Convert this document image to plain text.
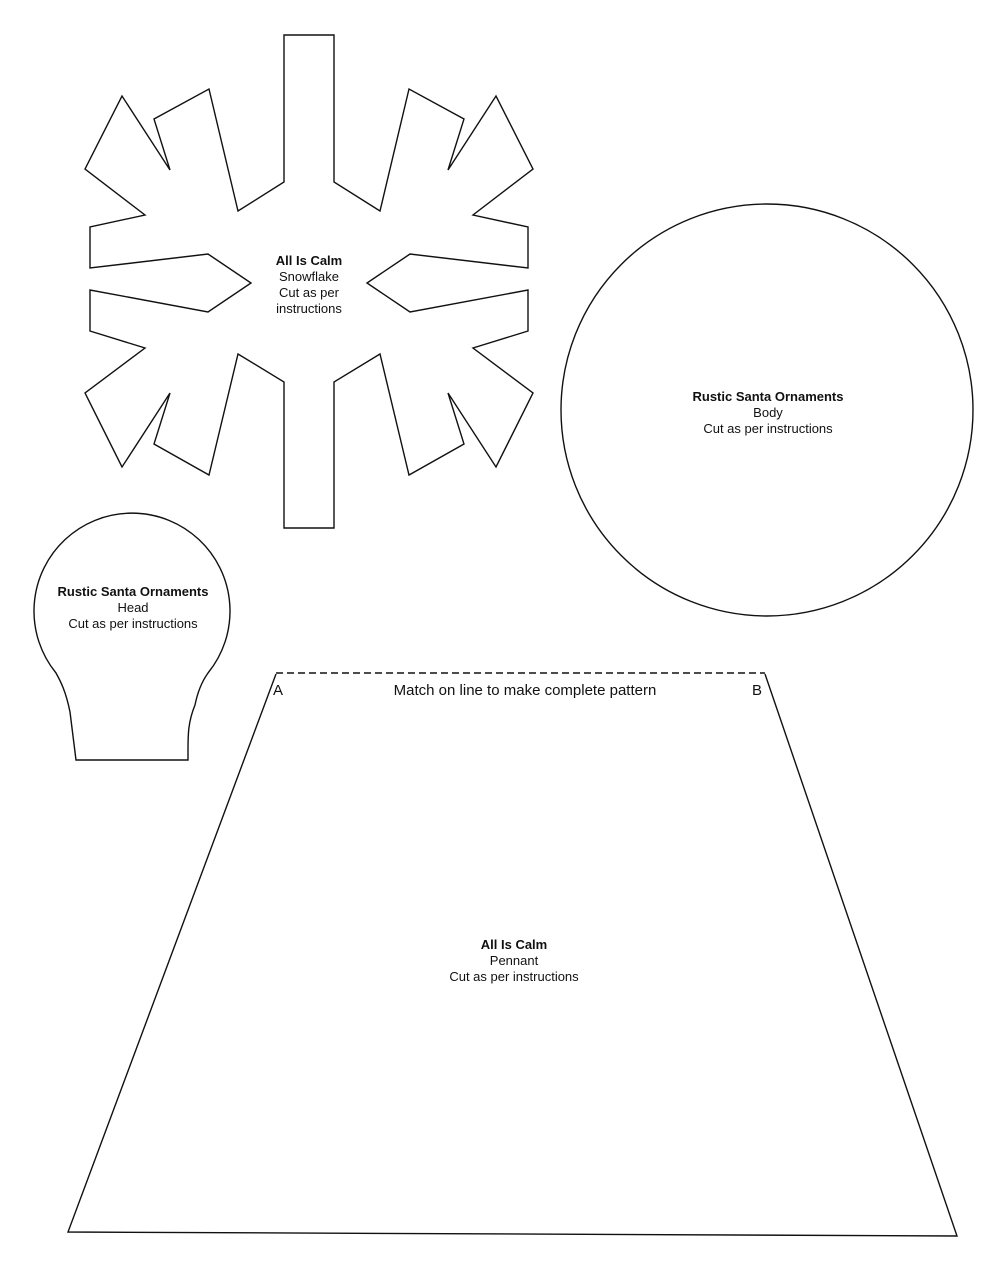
All Is Calm
Snowflake
Cut as per
instructions
Rustic Santa Ornaments
Body
Cut as per instructions
Rustic Santa Ornaments
Head
Cut as per instructions
A	Match on line to make complete pattern	B
All Is Calm
Pennant
Cut as per instructions
